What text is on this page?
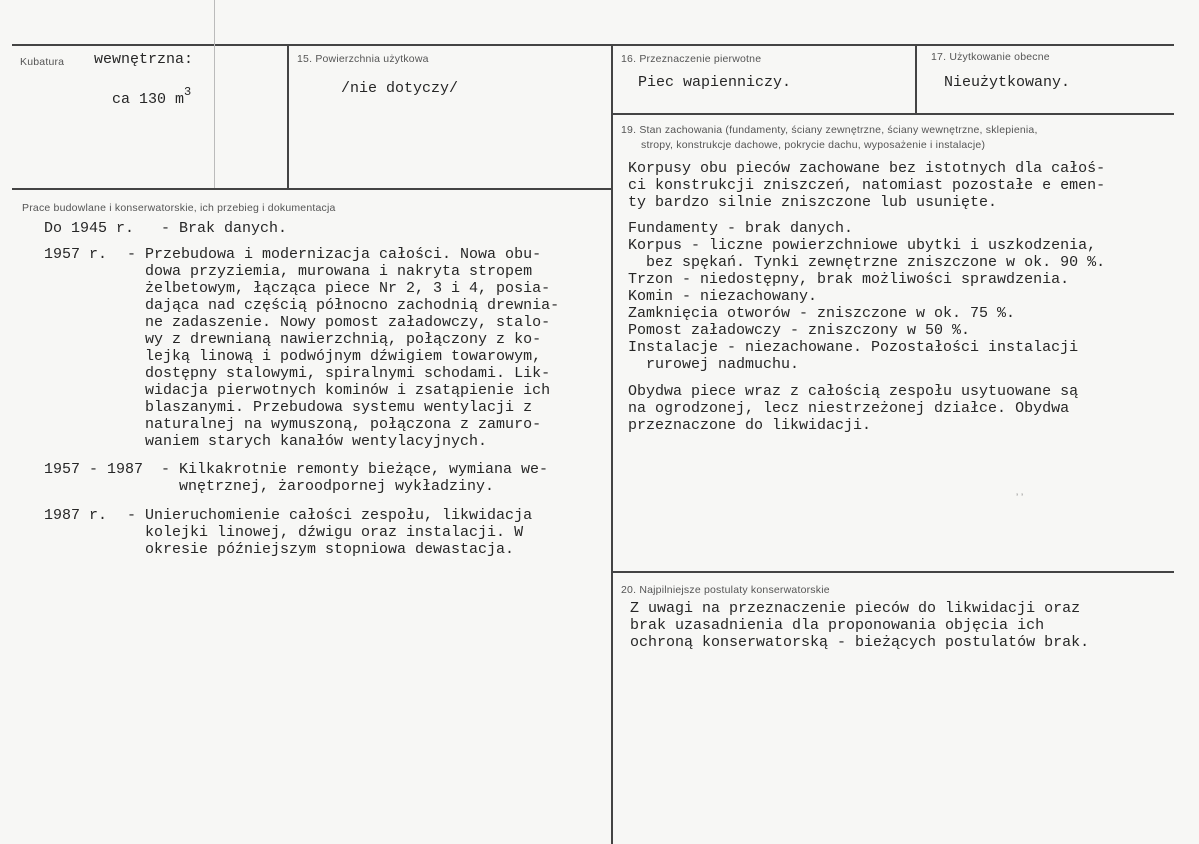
Kubatura wewnętrzna:
ca 130 $m^3$
15. Powierzchnia użytkowa
/nie dotyczy/
16. Przeznaczenie pierwotne
Piec wapienniczy.
17. Użytkowanie obecne
Nieużytkowany.
Prace budowlane i konserwatorskie, ich przebieg i dokumentacja
Do 1945 r. - Brak danych.
1957 r. - Przebudowa i modernizacja całości. Nowa obu-
dowa przyziemia, murowana i nakryta stropem
żelbetowym, łącząca piece Nr 2, 3 i 4, posia-
dająca nad częścią północno zachodnią drewnia-
ne zadaszenie. Nowy pomost załadowczy, stalo-
wy z drewnianą nawierzchnią, połączony z ko-
lejką linową i podwójnym dźwigiem towarowym,
dostępny stalowymi, spiralnymi schodami. Lik-
widacja pierwotnych kominów i zsatąpienie ich
blaszanymi. Przebudowa systemu wentylacji z
naturalnej na wymuszoną, połączona z zamuro-
waniem starych kanałów wentylacyjnych.
1957 - 1987 - Kilkakrotnie remonty bieżące, wymiana we-
wnętrznej, żaroodpornej wykładziny.
1987 r. - Unieruchomienie całości zespołu, likwidacja
kolejki linowej, dźwigu oraz instalacji. W
okresie późniejszym stopniowa dewastacja.
19. Stan zachowania (fundamenty, ściany zewnętrzne, ściany wewnętrzne, sklepienia,
stropy, konstrukcje dachowe, pokrycie dachu, wyposażenie i instalacje)
Korpusy obu pieców zachowane bez istotnych dla całoś-
ci konstrukcji zniszczeń, natomiast pozostałe e emen-
ty bardzo silnie zniszczone lub usunięte.
Fundamenty - brak danych.
Korpus - liczne powierzchniowe ubytki i uszkodzenia,
bez spękań. Tynki zewnętrzne zniszczone w ok. 90 %.
Trzon - niedostępny, brak możliwości sprawdzenia.
Komin - niezachowany.
Zamknięcia otworów - zniszczone w ok. 75 %.
Pomost załadowczy - zniszczony w 50 %.
Instalacje - niezachowane. Pozostałości instalacji
rurowej nadmuchu.
Obydwa piece wraz z całością zespołu usytuowane są
na ogrodzonej, lecz niestrzeżonej działce. Obydwa
przeznaczone do likwidacji.
20. Najpilniejsze postulaty konserwatorskie
Z uwagi na przeznaczenie pieców do likwidacji oraz
brak uzasadnienia dla proponowania objęcia ich
ochroną konserwatorską - bieżących postulatów brak.
ʼ ʼ
